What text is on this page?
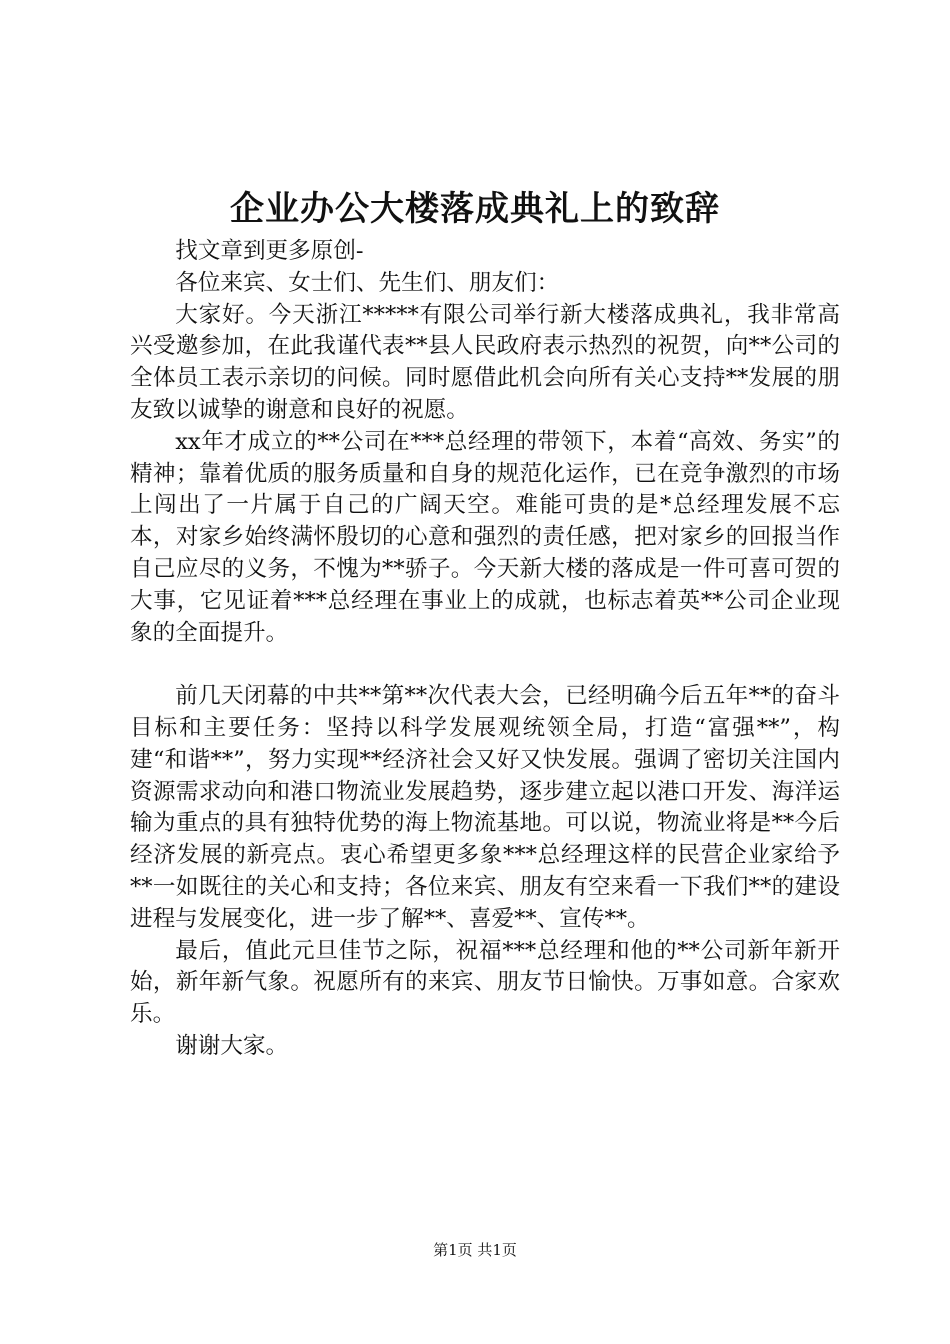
企业办公大楼落成典礼上的致辞

找文章到更多原创-

各位来宾、女士们、先生们、朋友们：

大家好。今天浙江*****有限公司举行新大楼落成典礼，我非常高兴受邀参加，在此我谨代表**县人民政府表示热烈的祝贺，向**公司的全体员工表示亲切的问候。同时愿借此机会向所有关心支持**发展的朋友致以诚挚的谢意和良好的祝愿。

xx年才成立的**公司在***总经理的带领下，本着“高效、务实”的精神；靠着优质的服务质量和自身的规范化运作，已在竞争激烈的市场上闯出了一片属于自己的广阔天空。难能可贵的是*总经理发展不忘本，对家乡始终满怀殷切的心意和强烈的责任感，把对家乡的回报当作自己应尽的义务，不愧为**骄子。今天新大楼的落成是一件可喜可贺的大事，它见证着***总经理在事业上的成就，也标志着英**公司企业现象的全面提升。

前几天闭幕的中共**第**次代表大会，已经明确今后五年**的奋斗目标和主要任务：坚持以科学发展观统领全局，打造“富强**”，构建“和谐**”，努力实现**经济社会又好又快发展。强调了密切关注国内资源需求动向和港口物流业发展趋势，逐步建立起以港口开发、海洋运输为重点的具有独特优势的海上物流基地。可以说，物流业将是**今后经济发展的新亮点。衷心希望更多象***总经理这样的民营企业家给予**一如既往的关心和支持；各位来宾、朋友有空来看一下我们**的建设进程与发展变化，进一步了解**、喜爱**、宣传**。

最后，值此元旦佳节之际，祝福***总经理和他的**公司新年新开始，新年新气象。祝愿所有的来宾、朋友节日愉快。万事如意。合家欢乐。

谢谢大家。

第1页 共1页
